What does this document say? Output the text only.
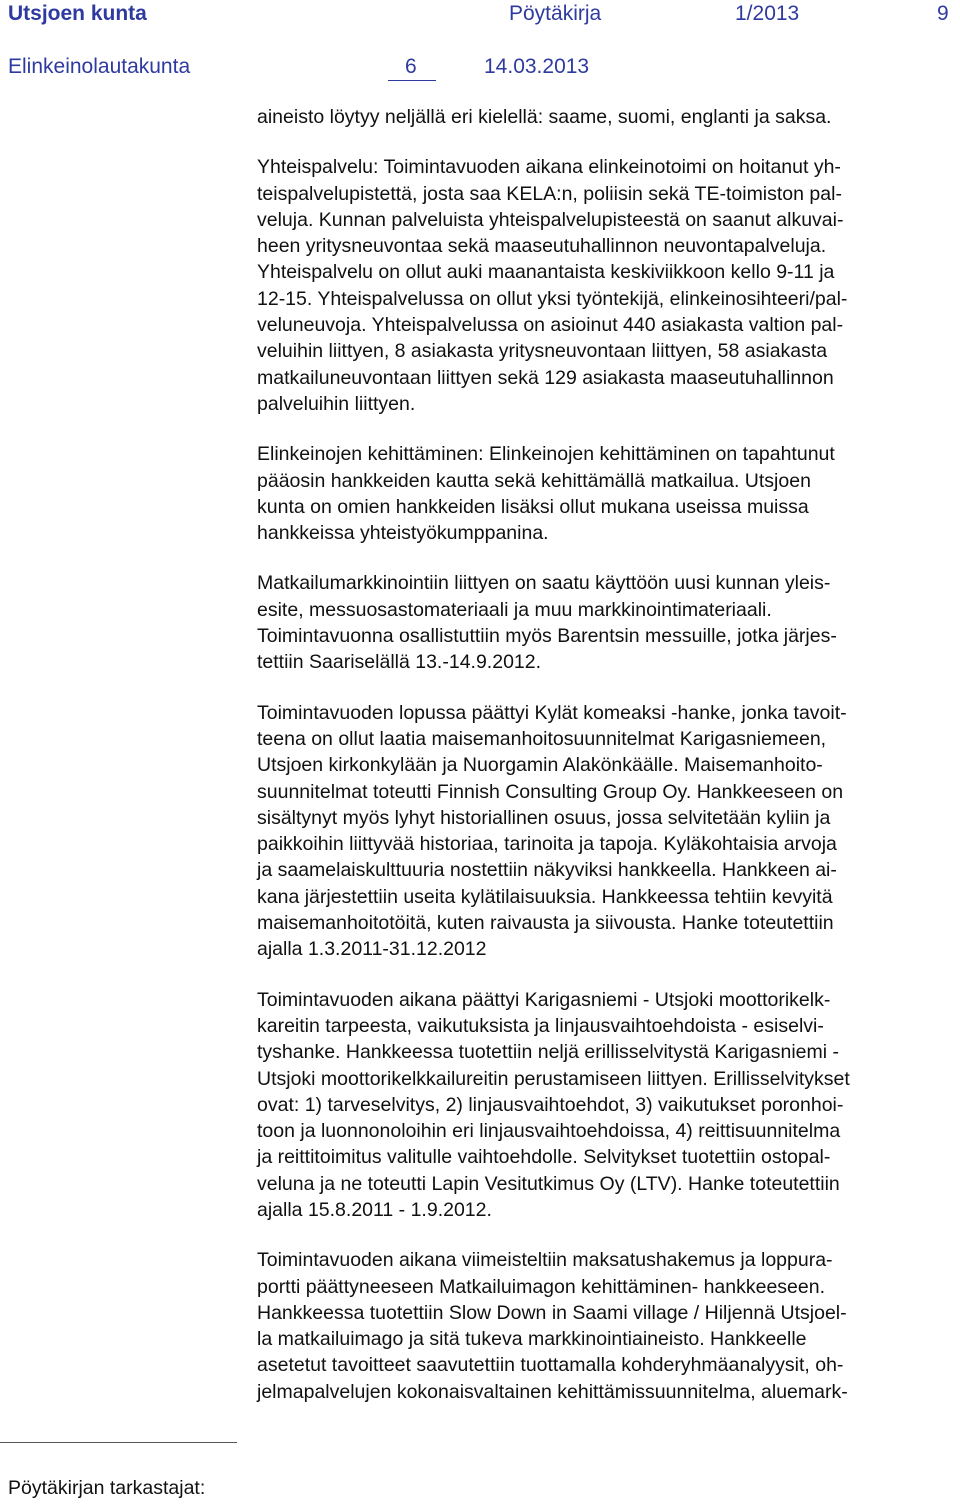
Utsjoen kunta	Pöytäkirja	1/2013	9
Elinkeinolautakunta	6	14.03.2013

aineisto löytyy neljällä eri kielellä: saame, suomi, englanti ja saksa.

Yhteispalvelu: Toimintavuoden aikana elinkeinotoimi on hoitanut yh-
teispalvelupistettä, josta saa KELA:n, poliisin sekä TE-toimiston pal-
veluja. Kunnan palveluista yhteispalvelupisteestä on saanut alkuvai-
heen yritysneuvontaa sekä maaseutuhallinnon neuvontapalveluja.
Yhteispalvelu on ollut auki maanantaista keskiviikkoon kello 9-11 ja
12-15. Yhteispalvelussa on ollut yksi työntekijä, elinkeinosihteeri/pal-
veluneuvoja. Yhteispalvelussa on asioinut 440 asiakasta valtion pal-
veluihin liittyen, 8 asiakasta yritysneuvontaan liittyen, 58 asiakasta
matkailuneuvontaan liittyen sekä 129 asiakasta maaseutuhallinnon
palveluihin liittyen.

Elinkeinojen kehittäminen: Elinkeinojen kehittäminen on tapahtunut
pääosin hankkeiden kautta sekä kehittämällä matkailua. Utsjoen
kunta on omien hankkeiden lisäksi ollut mukana useissa muissa
hankkeissa yhteistyökumppanina.

Matkailumarkkinointiin liittyen on saatu käyttöön uusi kunnan yleis-
esite, messuosastomateriaali ja muu markkinointimateriaali.
Toimintavuonna osallistuttiin myös Barentsin messuille, jotka järjes-
tettiin Saariselällä 13.-14.9.2012.

Toimintavuoden lopussa päättyi Kylät komeaksi -hanke, jonka tavoit-
teena on ollut laatia maisemanhoitosuunnitelmat Karigasniemeen,
Utsjoen kirkonkylään ja Nuorgamin Alakönkäälle. Maisemanhoito-
suunnitelmat toteutti Finnish Consulting Group Oy. Hankkeeseen on
sisältynyt myös lyhyt historiallinen osuus, jossa selvitetään kyliin ja
paikkoihin liittyvää historiaa, tarinoita ja tapoja. Kyläkohtaisia arvoja
ja saamelaiskulttuuria nostettiin näkyviksi hankkeella. Hankkeen ai-
kana järjestettiin useita kylätilaisuuksia. Hankkeessa tehtiin kevyitä
maisemanhoitotöitä, kuten raivausta ja siivousta. Hanke toteutettiin
ajalla 1.3.2011-31.12.2012

Toimintavuoden aikana päättyi Karigasniemi - Utsjoki moottorikelk-
kareitin tarpeesta, vaikutuksista ja linjausvaihtoehdoista - esiselvi-
tyshanke. Hankkeessa tuotettiin neljä erillisselvitystä Karigasniemi -
Utsjoki moottorikelkkailureitin perustamiseen liittyen. Erillisselvitykset
ovat: 1) tarveselvitys, 2) linjausvaihtoehdot, 3) vaikutukset poronhoi-
toon ja luonnonoloihin eri linjausvaihtoehdoissa, 4) reittisuunnitelma
ja reittitoimitus valitulle vaihtoehdolle. Selvitykset tuotettiin ostopal-
veluna ja ne toteutti Lapin Vesitutkimus Oy (LTV). Hanke toteutettiin
ajalla 15.8.2011 - 1.9.2012.

Toimintavuoden aikana viimeisteltiin maksatushakemus ja loppura-
portti päättyneeseen Matkailuimagon kehittäminen- hankkeeseen.
Hankkeessa tuotettiin Slow Down in Saami village / Hiljennä Utsjoel-
la matkailuimago ja sitä tukeva markkinointiaineisto. Hankkeelle
asetetut tavoitteet saavutettiin tuottamalla kohderyhmäanalyysit, oh-
jelmapalvelujen kokonaisvaltainen kehittämissuunnitelma, aluemark-

Pöytäkirjan tarkastajat:
